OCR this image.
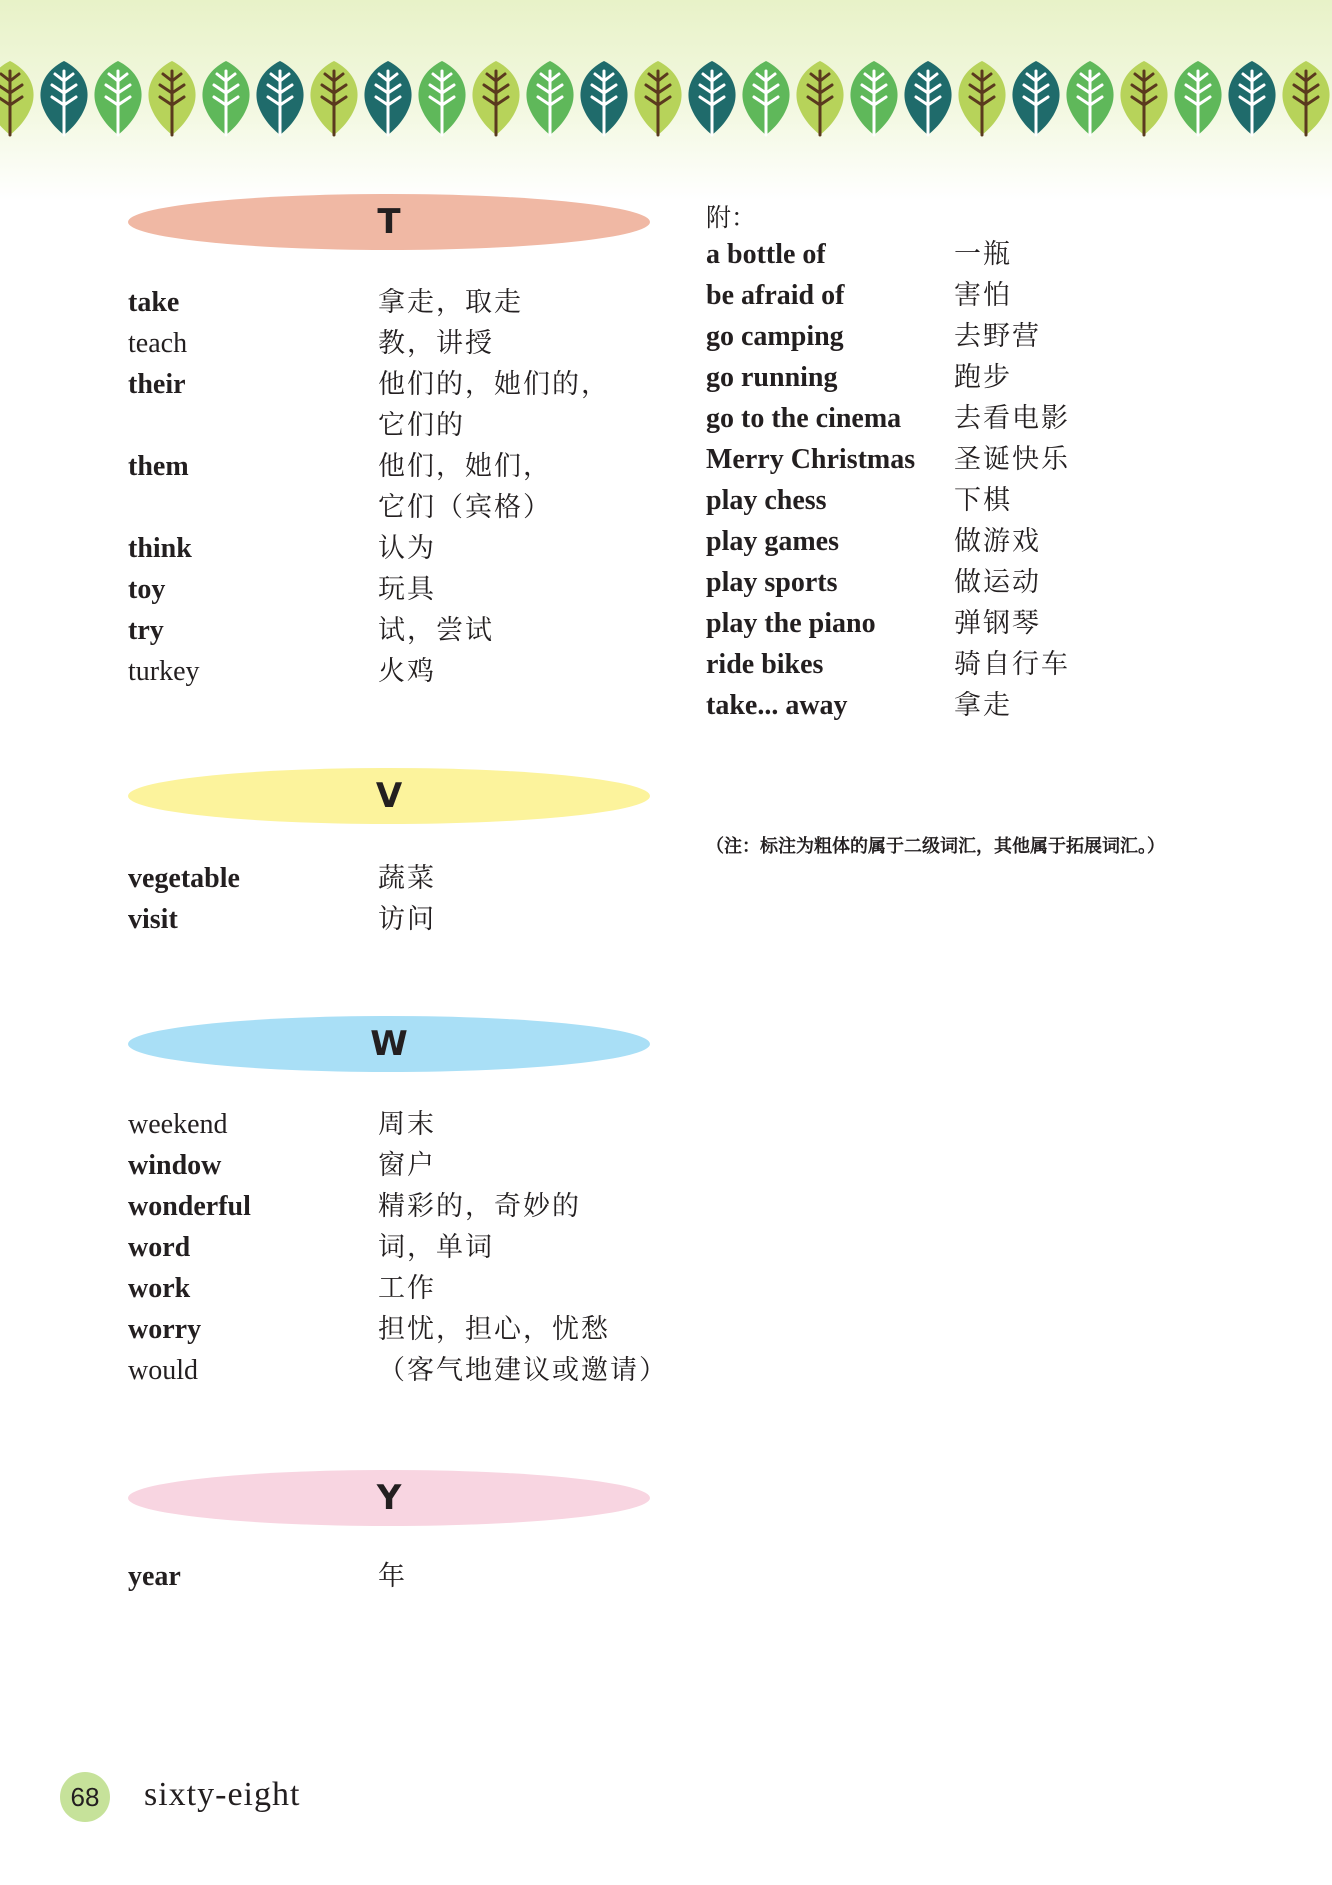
T
take	拿走，取走
teach	教，讲授
their	他们的，她们的，
它们的
them	他们，她们，
它们（宾格）
think	认为
toy	玩具
try	试，尝试
turkey	火鸡
V
vegetable	蔬菜
visit	访问
W
weekend	周末
window	窗户
wonderful	精彩的，奇妙的
word	词，单词
work	工作
worry	担忧，担心，忧愁
would	（客气地建议或邀请）
Y
year	年
附：
a bottle of	一瓶
be afraid of	害怕
go camping	去野营
go running	跑步
go to the cinema 去看电影
Merry Christmas 圣诞快乐
play chess	下棋
play games	做游戏
play sports	做运动
play the piano	弹钢琴
ride bikes	骑自行车
take... away	拿走
（注：标注为粗体的属于二级词汇，其他属于拓展词汇。）
68	sixty-eight
